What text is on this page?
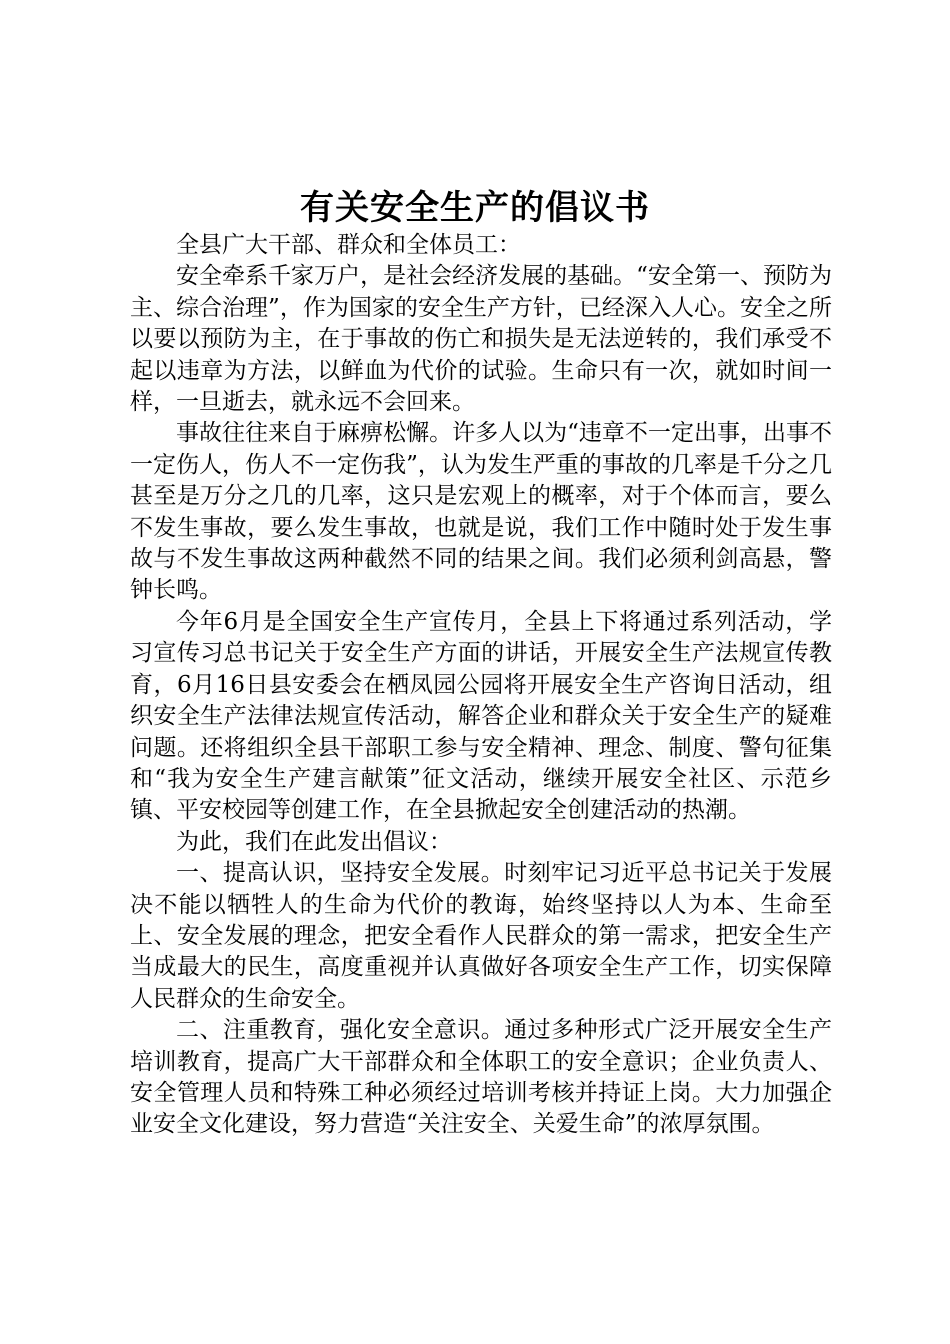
有关安全生产的倡议书

全县广大干部、群众和全体员工：

安全牵系千家万户，是社会经济发展的基础。“安全第一、预防为主、综合治理”，作为国家的安全生产方针，已经深入人心。安全之所以要以预防为主，在于事故的伤亡和损失是无法逆转的，我们承受不起以违章为方法，以鲜血为代价的试验。生命只有一次，就如时间一样，一旦逝去，就永远不会回来。

事故往往来自于麻痹松懈。许多人以为“违章不一定出事，出事不一定伤人，伤人不一定伤我”，认为发生严重的事故的几率是千分之几甚至是万分之几的几率，这只是宏观上的概率，对于个体而言，要么不发生事故，要么发生事故，也就是说，我们工作中随时处于发生事故与不发生事故这两种截然不同的结果之间。我们必须利剑高悬，警钟长鸣。

今年6月是全国安全生产宣传月，全县上下将通过系列活动，学习宣传习总书记关于安全生产方面的讲话，开展安全生产法规宣传教育，6月16日县安委会在栖凤园公园将开展安全生产咨询日活动，组织安全生产法律法规宣传活动，解答企业和群众关于安全生产的疑难问题。还将组织全县干部职工参与安全精神、理念、制度、警句征集和“我为安全生产建言献策”征文活动，继续开展安全社区、示范乡镇、平安校园等创建工作，在全县掀起安全创建活动的热潮。

为此，我们在此发出倡议：

一、提高认识，坚持安全发展。时刻牢记习近平总书记关于发展决不能以牺牲人的生命为代价的教诲，始终坚持以人为本、生命至上、安全发展的理念，把安全看作人民群众的第一需求，把安全生产当成最大的民生，高度重视并认真做好各项安全生产工作，切实保障人民群众的生命安全。

二、注重教育，强化安全意识。通过多种形式广泛开展安全生产培训教育，提高广大干部群众和全体职工的安全意识；企业负责人、安全管理人员和特殊工种必须经过培训考核并持证上岗。大力加强企业安全文化建设，努力营造“关注安全、关爱生命”的浓厚氛围。
